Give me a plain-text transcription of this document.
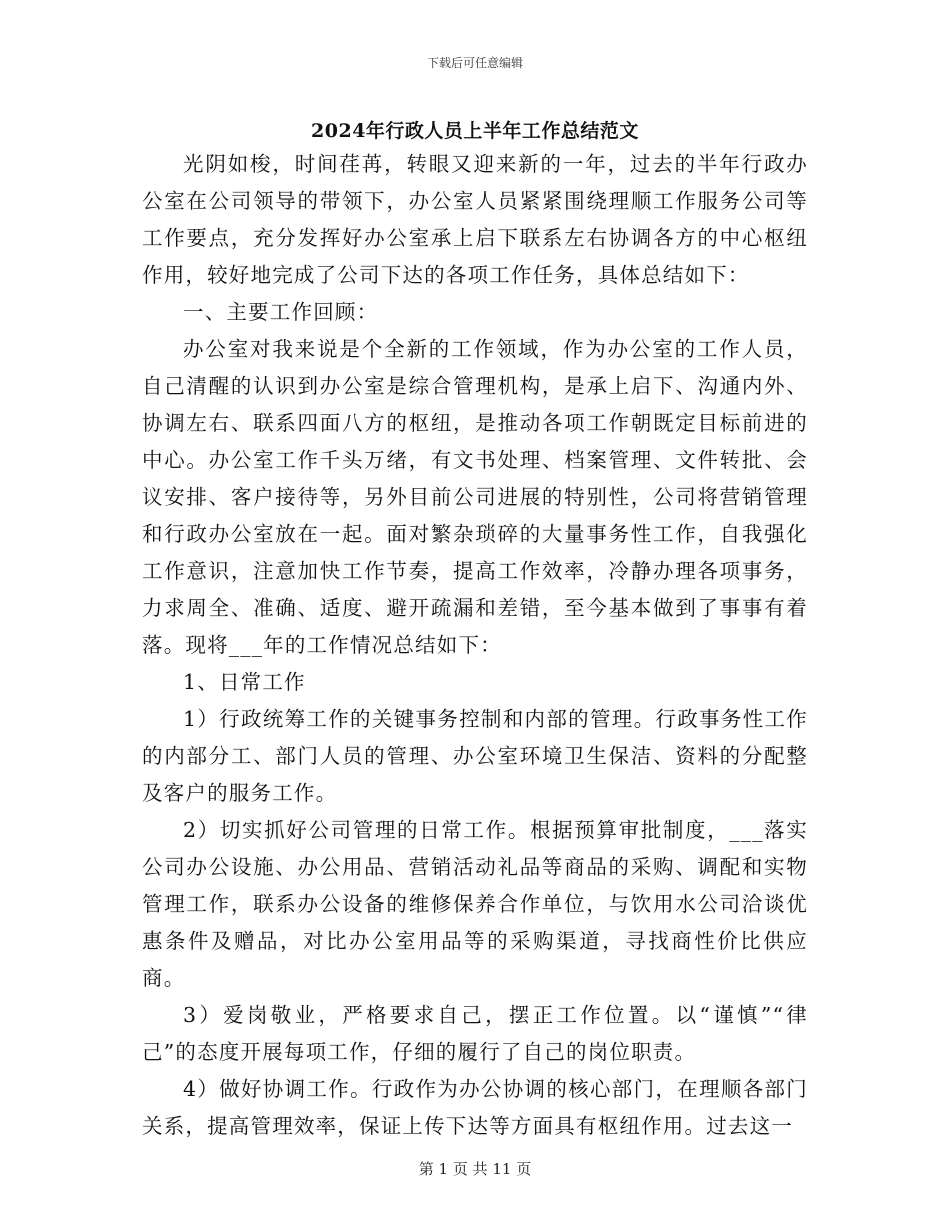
下载后可任意编辑
2024年行政人员上半年工作总结范文

光阴如梭，时间荏苒，转眼又迎来新的一年，过去的半年行政办公室在公司领导的带领下，办公室人员紧紧围绕理顺工作服务公司等工作要点，充分发挥好办公室承上启下联系左右协调各方的中心枢纽作用，较好地完成了公司下达的各项工作任务，具体总结如下：

一、主要工作回顾：

办公室对我来说是个全新的工作领域，作为办公室的工作人员，自己清醒的认识到办公室是综合管理机构，是承上启下、沟通内外、协调左右、联系四面八方的枢纽，是推动各项工作朝既定目标前进的中心。办公室工作千头万绪，有文书处理、档案管理、文件转批、会议安排、客户接待等，另外目前公司进展的特别性，公司将营销管理和行政办公室放在一起。面对繁杂琐碎的大量事务性工作，自我强化工作意识，注意加快工作节奏，提高工作效率，冷静办理各项事务，力求周全、准确、适度、避开疏漏和差错，至今基本做到了事事有着落。现将___年的工作情况总结如下：

1、日常工作

1）行政统筹工作的关键事务控制和内部的管理。行政事务性工作的内部分工、部门人员的管理、办公室环境卫生保洁、资料的分配整及客户的服务工作。

2）切实抓好公司管理的日常工作。根据预算审批制度，___落实公司办公设施、办公用品、营销活动礼品等商品的采购、调配和实物管理工作，联系办公设备的维修保养合作单位，与饮用水公司洽谈优惠条件及赠品，对比办公室用品等的采购渠道，寻找商性价比供应商。

3）爱岗敬业，严格要求自己，摆正工作位置。以“谨慎”“律己”的态度开展每项工作，仔细的履行了自己的岗位职责。

4）做好协调工作。行政作为办公协调的核心部门，在理顺各部门关系，提高管理效率，保证上传下达等方面具有枢纽作用。过去这一

第 1 页 共 11 页
